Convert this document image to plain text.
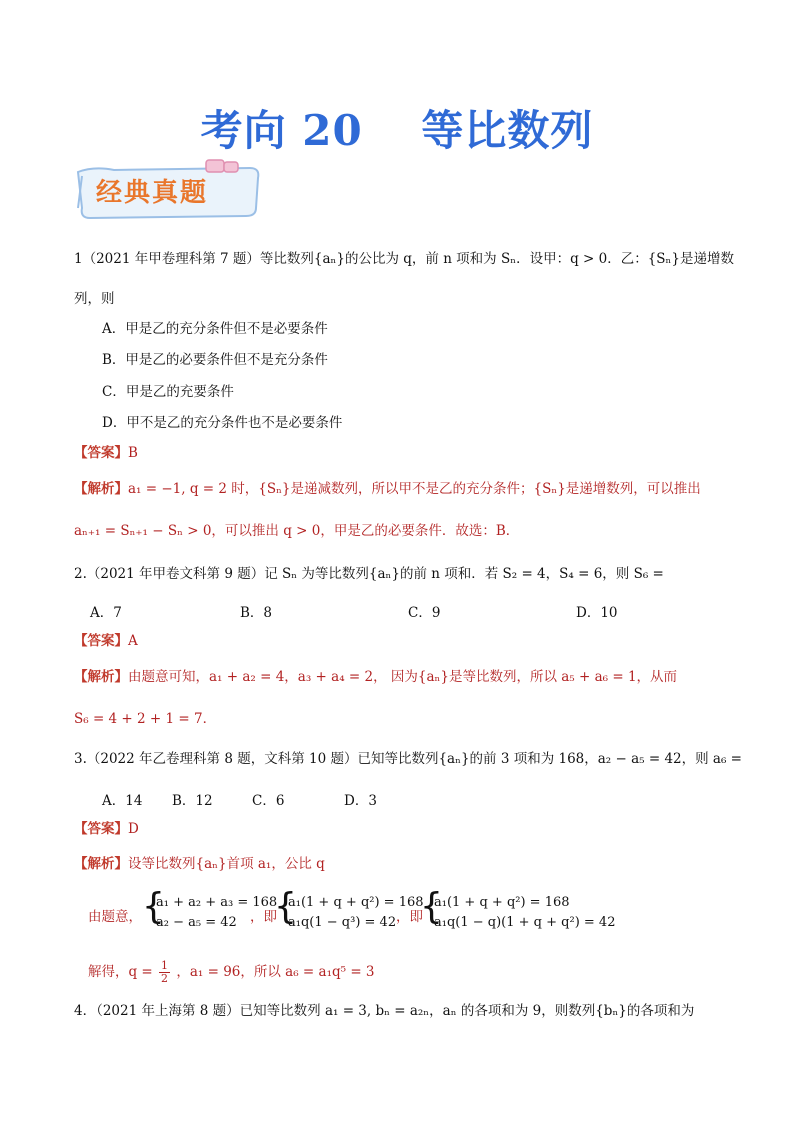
考向 20　 等比数列
经典真题
1（2021 年甲卷理科第 7 题）等比数列{aₙ}的公比为 q，前 n 项和为 Sₙ．设甲：q > 0．乙：{Sₙ}是递增数
列，则
A．甲是乙的充分条件但不是必要条件
B．甲是乙的必要条件但不是充分条件
C．甲是乙的充要条件
D．甲不是乙的充分条件也不是必要条件
【答案】B
【解析】a₁ = −1, q = 2 时，{Sₙ}是递减数列，所以甲不是乙的充分条件；{Sₙ}是递增数列，可以推出
aₙ₊₁ = Sₙ₊₁ − Sₙ > 0，可以推出 q > 0，甲是乙的必要条件．故选：B．
2.（2021 年甲卷文科第 9 题）记 Sₙ 为等比数列{aₙ}的前 n 项和．若 S₂ = 4，S₄ = 6，则 S₆ =
A．7	B．8	C．9	D．10
【答案】A
【解析】由题意可知，a₁ + a₂ = 4，a₃ + a₄ = 2， 因为{aₙ}是等比数列，所以 a₅ + a₆ = 1，从而
S₆ = 4 + 2 + 1 = 7．
3.（2022 年乙卷理科第 8 题，文科第 10 题）已知等比数列{aₙ}的前 3 项和为 168，a₂ − a₅ = 42，则 a₆ =
A．14 B．12	C．6	D．3
【答案】D
【解析】设等比数列{aₙ}首项 a₁，公比 q
由题意， {
a₁ + a₂ + a₃ = 168
a₂ − a₅ = 42 ，即
{
a₁(1 + q + q²) = 168
a₁q(1 − q³) = 42 ，即
{
a₁(1 + q + q²) = 168
a₁q(1 − q)(1 + q + q²) = 42
解得，$q = \frac{1}{2}$ ，a₁ = 96，所以 a₆ = a₁q⁵ = 3
4．（2021 年上海第 8 题）已知等比数列 a₁ = 3, bₙ = a₂ₙ，aₙ 的各项和为 9，则数列{bₙ}的各项和为
